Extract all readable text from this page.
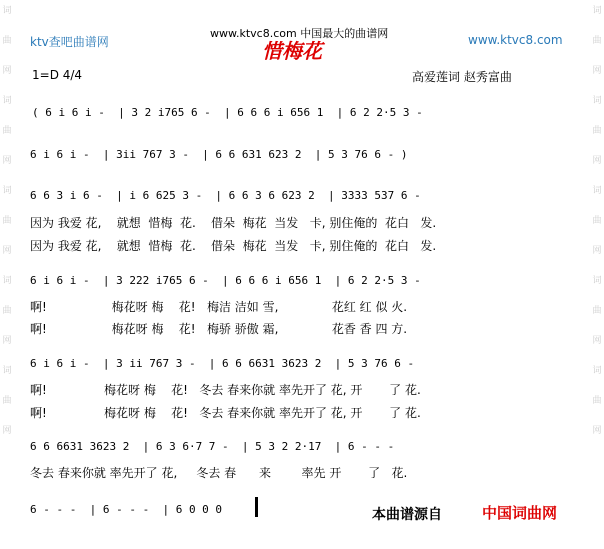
词
曲
网
词
曲
网
词
曲
网
词
曲
网
词
曲
网
词
曲
网
词
曲
网
词
曲
网
词
曲
网
词
曲
网
ktv查吧曲谱网
www.ktvc8.com 中国最大的曲谱网	www.ktvc8.com
惜梅花
1=D 4/4	高爱莲词 赵秀富曲
( 6 i 6 i -  | 3 2 i765 6 -  | 6 6 6 i 656 1  | 6 2 2·5 3 -
6 i 6 i -  | 3ii 767 3 -  | 6 6 631 623 2  | 5 3 76 6 - )
6 6 3 i 6 -  | i 6 625 3 -  | 6 6 3 6 623 2  | 3333 537 6 -
因为 我爱 花,    就想  惜梅  花.    借朵  梅花  当发   卡, 别住俺的  花白   发.
因为 我爱 花,    就想  惜梅  花.    借朵  梅花  当发   卡, 别住俺的  花白   发.
6 i 6 i -  | 3 222 i765 6 -  | 6 6 6 i 656 1  | 6 2 2·5 3 -
啊!                 梅花呀 梅    花!   梅洁 洁如 雪,              花红 红 似 火.
啊!                 梅花呀 梅    花!   梅骄 骄傲 霜,              花香 香 四 方.
6 i 6 i -  | 3 ii 767 3 -  | 6 6 6631 3623 2  | 5 3 76 6 -
啊!               梅花呀 梅    花!   冬去 春来你就 率先开了 花, 开       了 花.
啊!               梅花呀 梅    花!   冬去 春来你就 率先开了 花, 开       了 花.
6 6 6631 3623 2  | 6 3 6·7 7 -  | 5 3 2 2·17  | 6 - - -
冬去 春来你就 率先开了 花,     冬去 春      来        率先 开       了   花.
6 - - -  | 6 - - -  | 6 0 0 0	本曲谱源自	中国词曲网
